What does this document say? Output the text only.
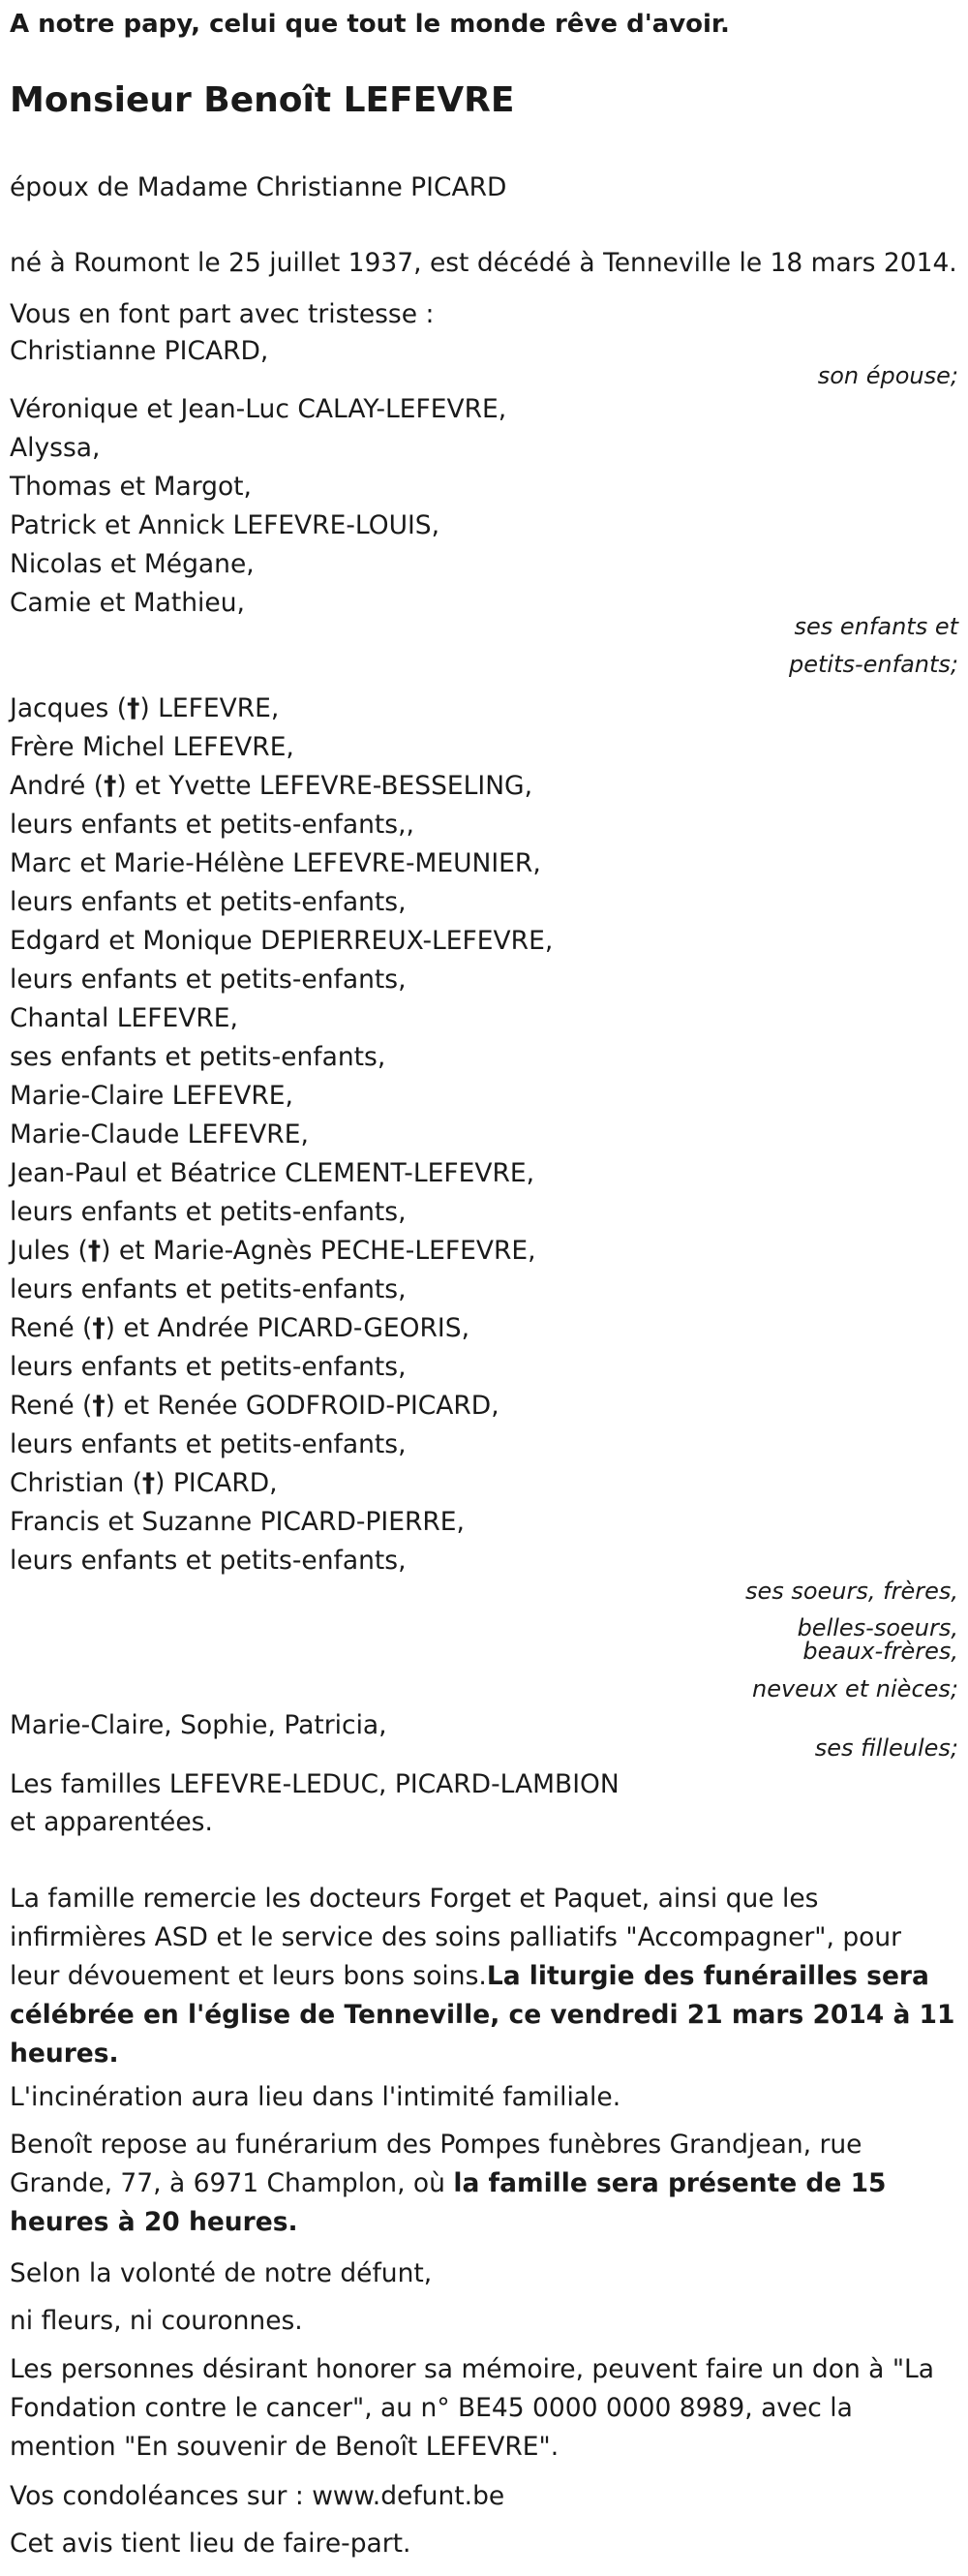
A notre papy, celui que tout le monde rêve d'avoir.
Monsieur Benoît LEFEVRE
époux de Madame Christianne PICARD
né à Roumont le 25 juillet 1937, est décédé à Tenneville le 18 mars 2014.
Vous en font part avec tristesse :
Christianne PICARD,
son épouse;
Véronique et Jean-Luc CALAY-LEFEVRE,
Alyssa,
Thomas et Margot,
Patrick et Annick LEFEVRE-LOUIS,
Nicolas et Mégane,
Camie et Mathieu,
ses enfants et
petits-enfants;
Jacques (†) LEFEVRE,
Frère Michel LEFEVRE,
André (†) et Yvette LEFEVRE-BESSELING,
leurs enfants et petits-enfants,,
Marc et Marie-Hélène LEFEVRE-MEUNIER,
leurs enfants et petits-enfants,
Edgard et Monique DEPIERREUX-LEFEVRE,
leurs enfants et petits-enfants,
Chantal LEFEVRE,
ses enfants et petits-enfants,
Marie-Claire LEFEVRE,
Marie-Claude LEFEVRE,
Jean-Paul et Béatrice CLEMENT-LEFEVRE,
leurs enfants et petits-enfants,
Jules (†) et Marie-Agnès PECHE-LEFEVRE,
leurs enfants et petits-enfants,
René (†) et Andrée PICARD-GEORIS,
leurs enfants et petits-enfants,
René (†) et Renée GODFROID-PICARD,
leurs enfants et petits-enfants,
Christian (†) PICARD,
Francis et Suzanne PICARD-PIERRE,
leurs enfants et petits-enfants,
ses soeurs, frères,
belles-soeurs,
beaux-frères,
neveux et nièces;
Marie-Claire, Sophie, Patricia,
ses filleules;
Les familles LEFEVRE-LEDUC, PICARD-LAMBION
et apparentées.
La famille remercie les docteurs Forget et Paquet, ainsi que les infirmières ASD et le service des soins palliatifs "Accompagner", pour leur dévouement et leurs bons soins.La liturgie des funérailles sera célébrée en l'église de Tenneville, ce vendredi 21 mars 2014 à 11 heures.
L'incinération aura lieu dans l'intimité familiale.
Benoît repose au funérarium des Pompes funèbres Grandjean, rue Grande, 77, à 6971 Champlon, où la famille sera présente de 15 heures à 20 heures.
Selon la volonté de notre défunt,
ni fleurs, ni couronnes.
Les personnes désirant honorer sa mémoire, peuvent faire un don à "La Fondation contre le cancer", au n° BE45 0000 0000 8989, avec la mention "En souvenir de Benoît LEFEVRE".
Vos condoléances sur : www.defunt.be
Cet avis tient lieu de faire-part.
